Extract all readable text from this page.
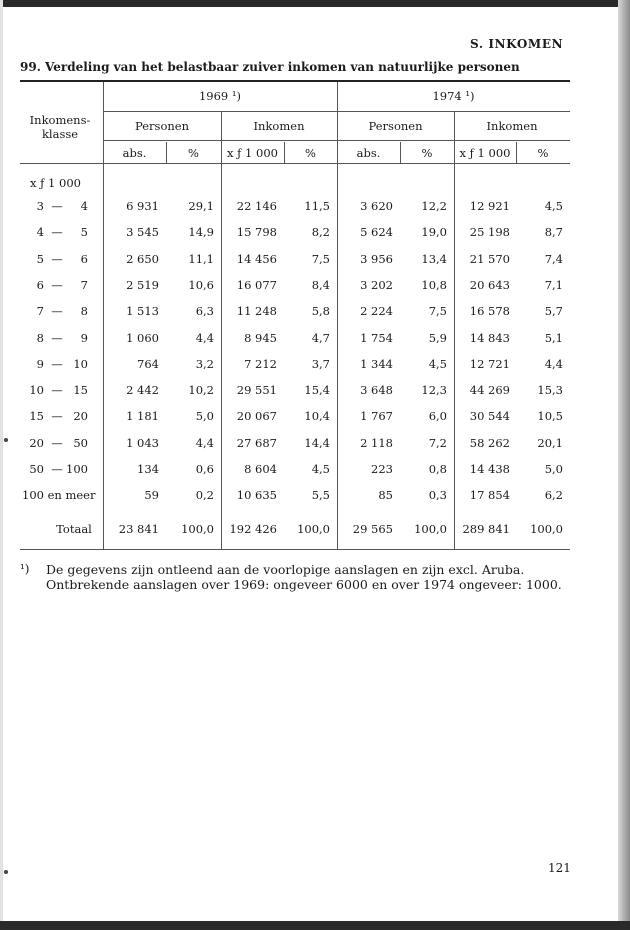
S. INKOMEN
99. Verdeling van het belastbaar zuiver inkomen van natuurlijke personen
Inkomens-
klasse
1969 ¹)	1974 ¹)
Personen	Inkomen	Personen	Inkomen
abs.	%	x ƒ 1 000	%	abs.	%	x ƒ 1 000	%
x ƒ 1 000
3 —	4	6 931	29,1	22 146	11,5	3 620	12,2	12 921	4,5
4 —	5	3 545	14,9	15 798	8,2	5 624	19,0	25 198	8,7
5 —	6	2 650	11,1	14 456	7,5	3 956	13,4	21 570	7,4
6 —	7	2 519	10,6	16 077	8,4	3 202	10,8	20 643	7,1
7 —	8	1 513	6,3	11 248	5,8	2 224	7,5	16 578	5,7
8 —	9	1 060	4,4	8 945	4,7	1 754	5,9	14 843	5,1
9 — 10	764	3,2	7 212	3,7	1 344	4,5	12 721	4,4
10 — 15	2 442	10,2	29 551	15,4	3 648	12,3	44 269	15,3
15 — 20	1 181	5,0	20 067	10,4	1 767	6,0	30 544	10,5
20 — 50	1 043	4,4	27 687	14,4	2 118	7,2	58 262	20,1
50 — 100	134	0,6	8 604	4,5	223	0,8	14 438	5,0
100 en meer	59	0,2	10 635	5,5	85	0,3	17 854	6,2
Totaal	23 841	100,0	192 426	100,0	29 565	100,0	289 841	100,0
¹) De gegevens zijn ontleend aan de voorlopige aanslagen en zijn excl. Aruba. Ontbrekende aanslagen over 1969: ongeveer 6000 en over 1974 ongeveer: 1000.
121
